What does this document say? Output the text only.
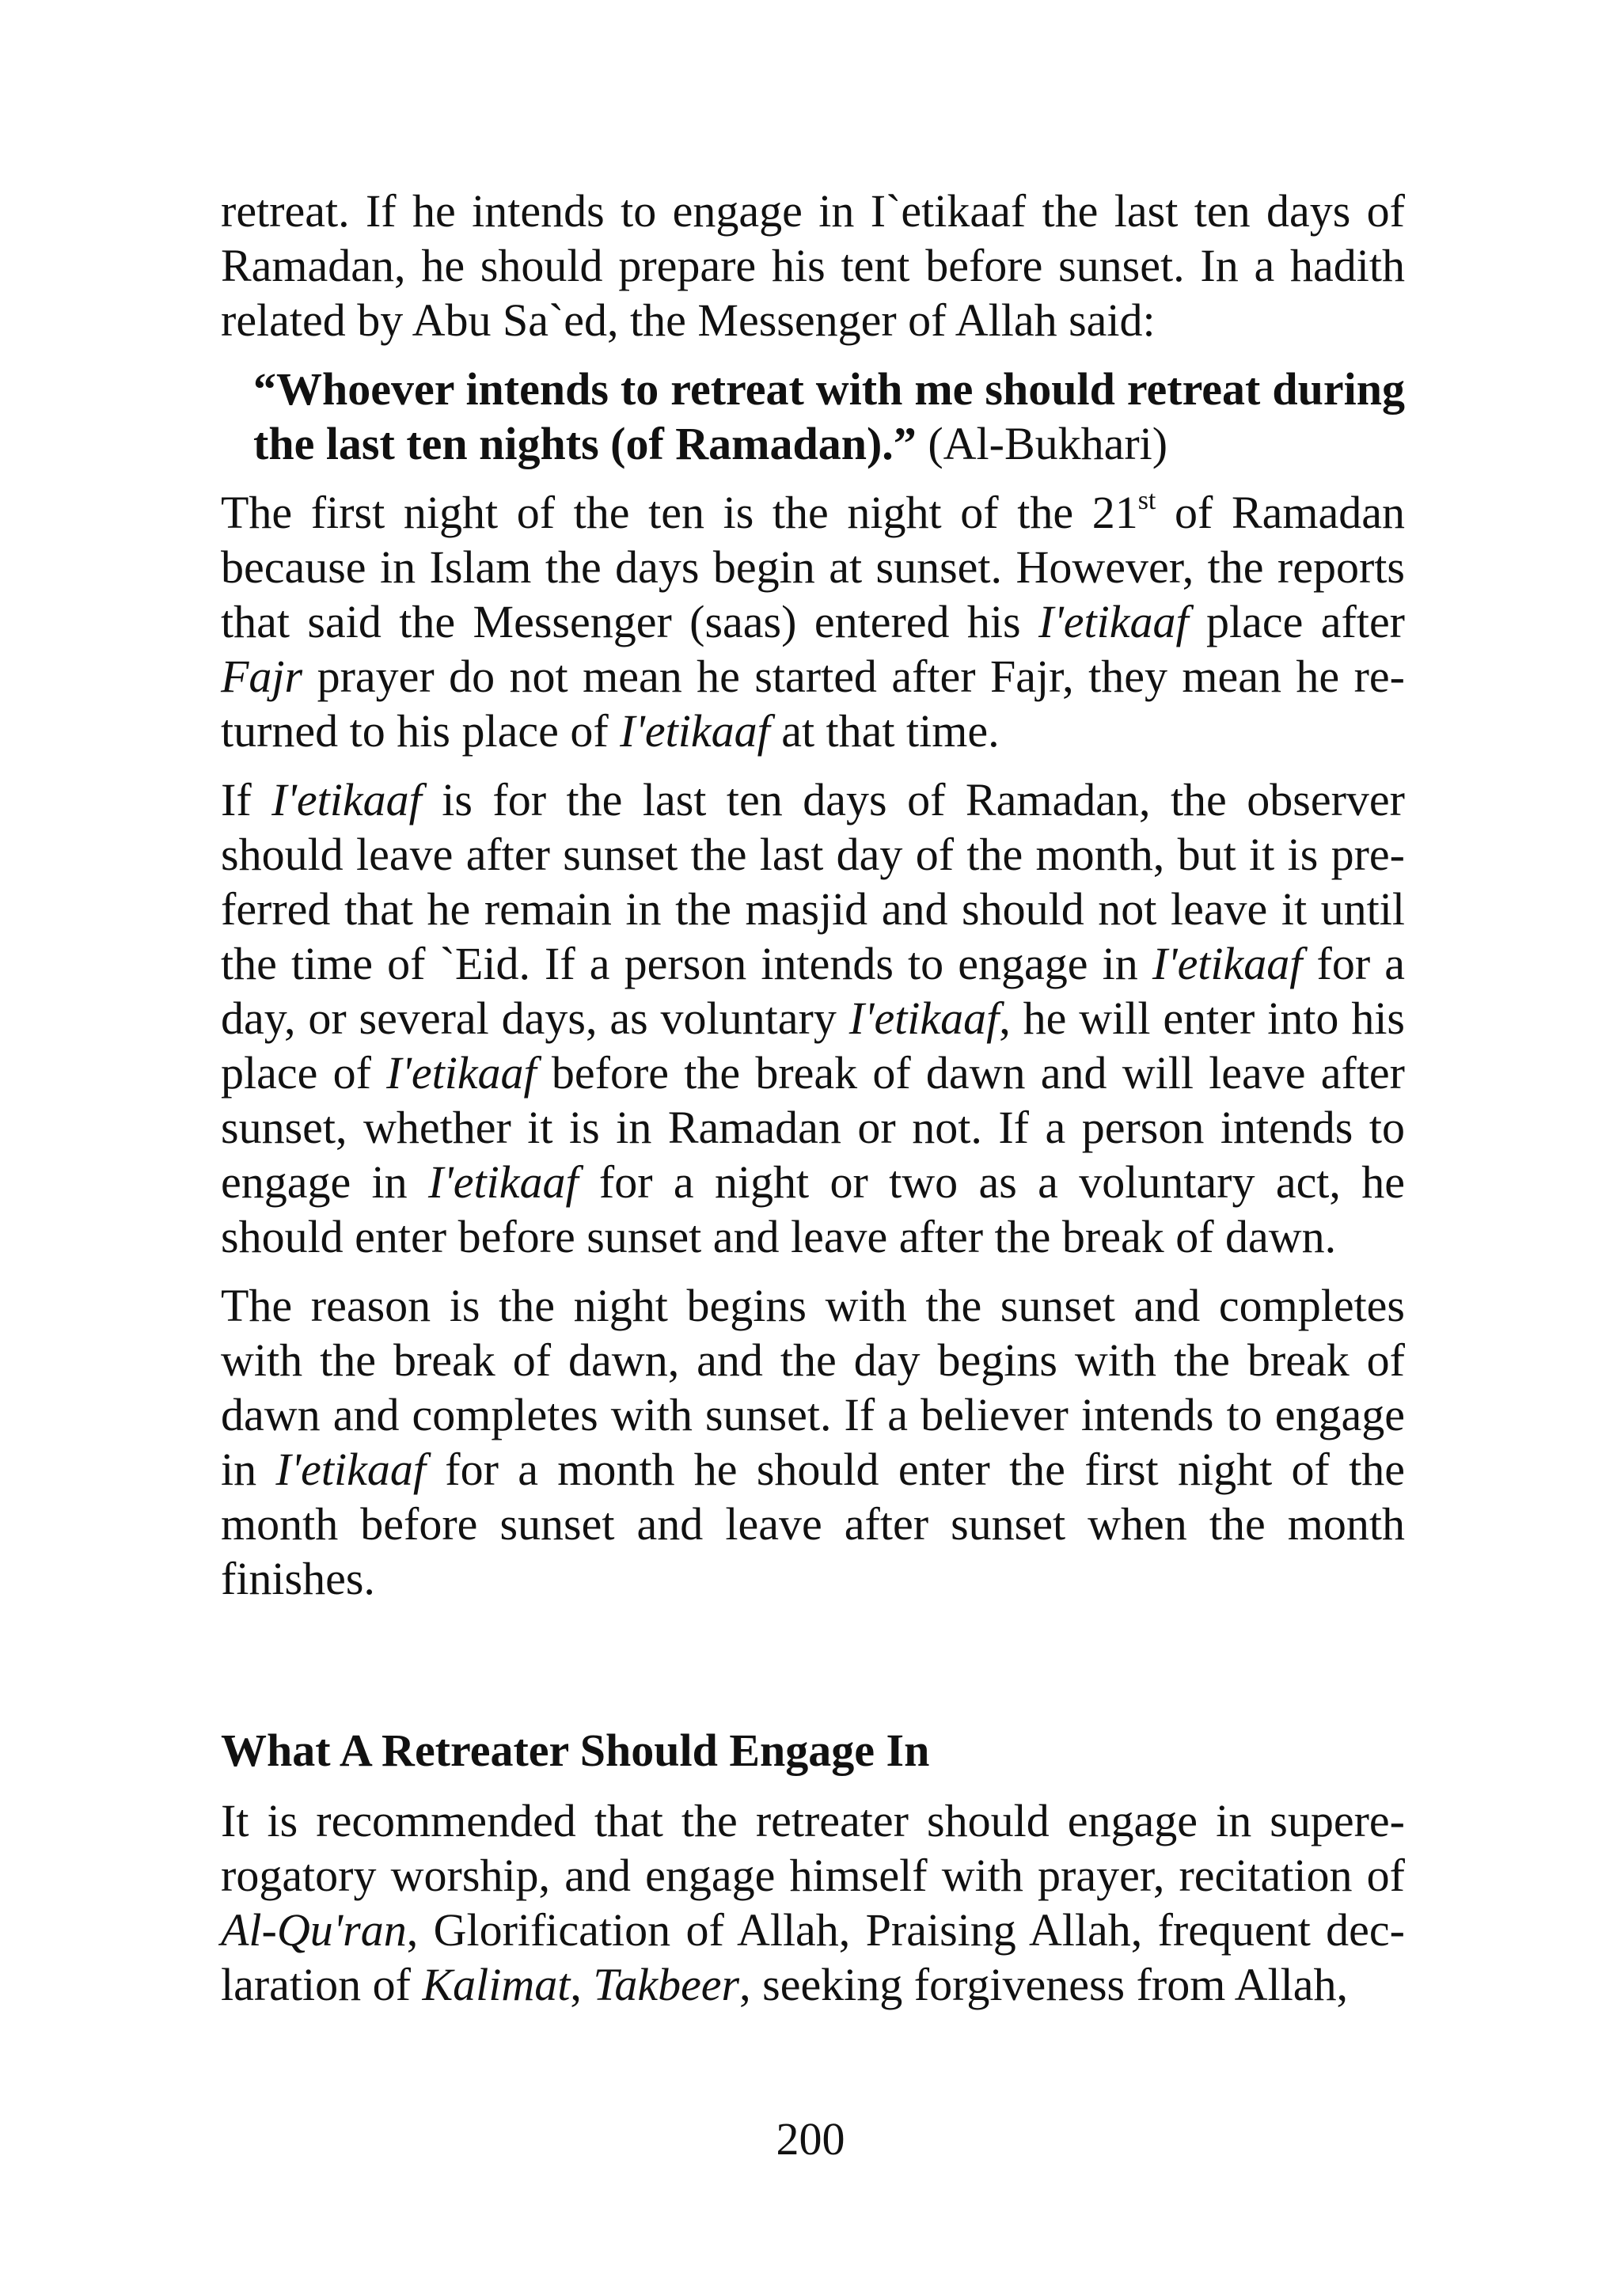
retreat. If he intends to engage in I`etikaaf the last ten days of Ramadan, he should prepare his tent before sunset. In a hadith related by Abu Sa`ed, the Messenger of Allah said:

“Whoever intends to retreat with me should retreat during the last ten nights (of Ramadan).” (Al-Bukhari)

The first night of the ten is the night of the 21st of Ramadan because in Islam the days begin at sunset. However, the reports that said the Messenger (saas) entered his I'etikaaf place after Fajr prayer do not mean he started after Fajr, they mean he returned to his place of I'etikaaf at that time.

If I'etikaaf is for the last ten days of Ramadan, the observer should leave after sunset the last day of the month, but it is preferred that he remain in the masjid and should not leave it until the time of `Eid. If a person intends to engage in I'etikaaf for a day, or several days, as voluntary I'etikaaf, he will enter into his place of I'etikaaf before the break of dawn and will leave after sunset, whether it is in Ramadan or not. If a person intends to engage in I'etikaaf for a night or two as a voluntary act, he should enter before sunset and leave after the break of dawn.

The reason is the night begins with the sunset and completes with the break of dawn, and the day begins with the break of dawn and completes with sunset. If a believer intends to engage in I'etikaaf for a month he should enter the first night of the month before sunset and leave after sunset when the month finishes.

What A Retreater Should Engage In

It is recommended that the retreater should engage in supererogatory worship, and engage himself with prayer, recitation of Al-Qu'ran, Glorification of Allah, Praising Allah, frequent declaration of Kalimat, Takbeer, seeking forgiveness from Allah,

200
